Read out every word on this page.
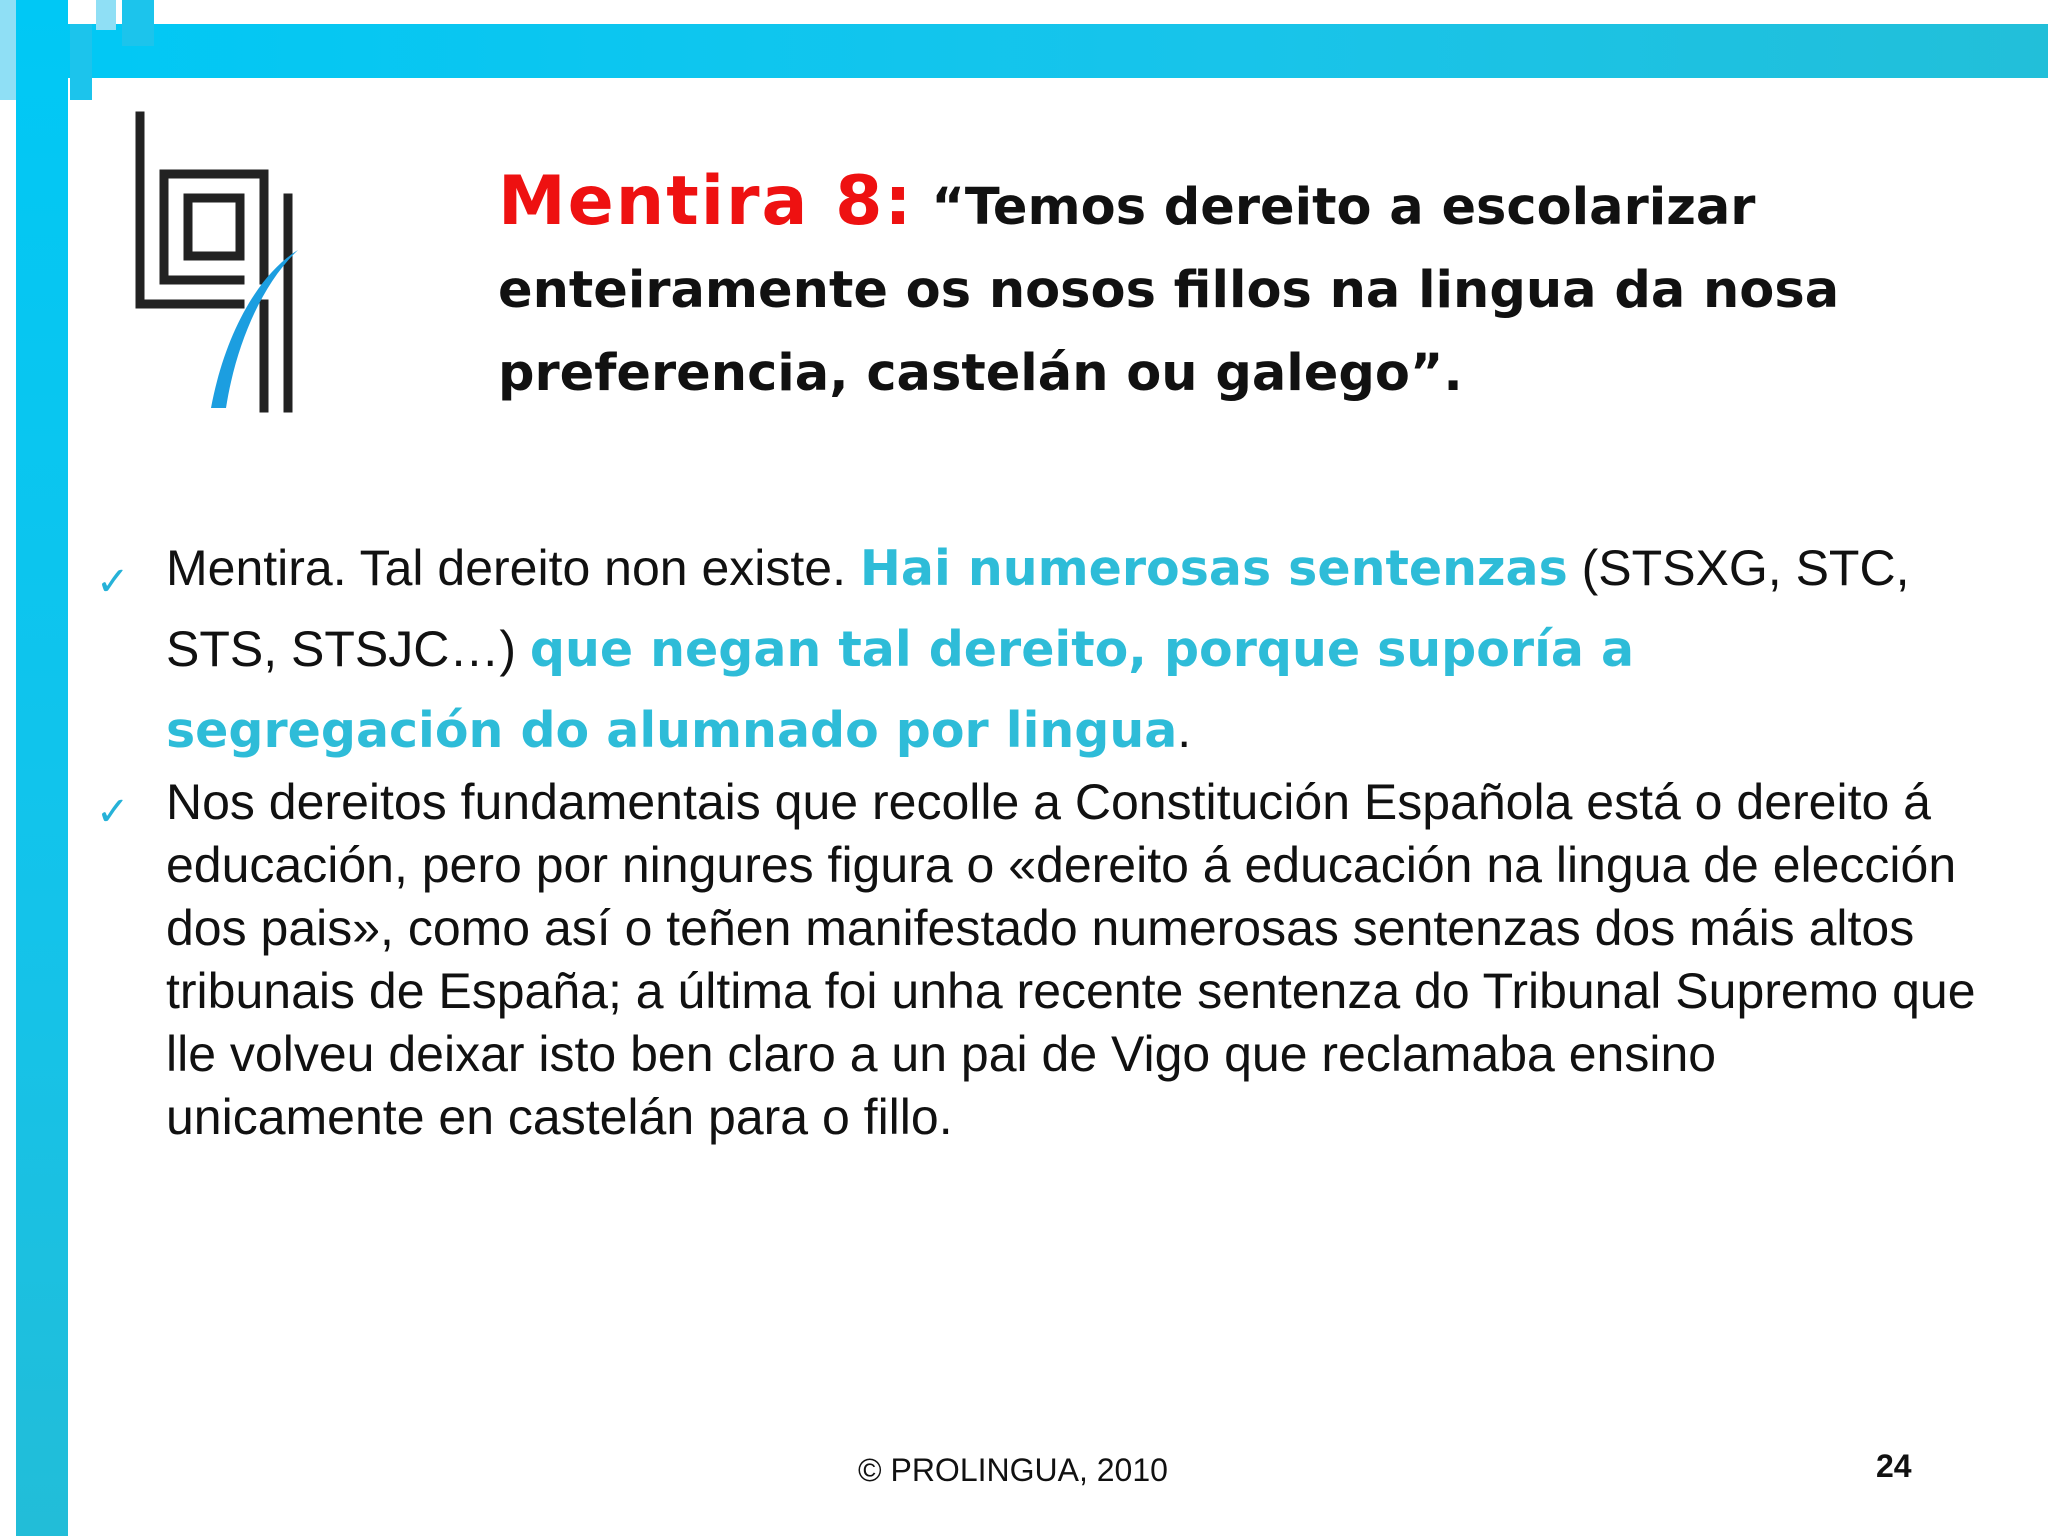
Mentira 8: “Temos dereito a escolarizar enteiramente os nosos fillos na lingua da nosa preferencia, castelán ou galego”.
✓ Mentira. Tal dereito non existe. Hai numerosas sentenzas (STSXG, STC, STS, STSJC…) que negan tal dereito, porque suporía a segregación do alumnado por lingua.
✓ Nos dereitos fundamentais que recolle a Constitución Española está o dereito á educación, pero por ningures figura o «dereito á educación na lingua de elección dos pais», como así o teñen manifestado numerosas sentenzas dos máis altos tribunais de España; a última foi unha recente sentenza do Tribunal Supremo que lle volveu deixar isto ben claro a un pai de Vigo que reclamaba ensino unicamente en castelán para o fillo.
© PROLINGUA, 2010	24
